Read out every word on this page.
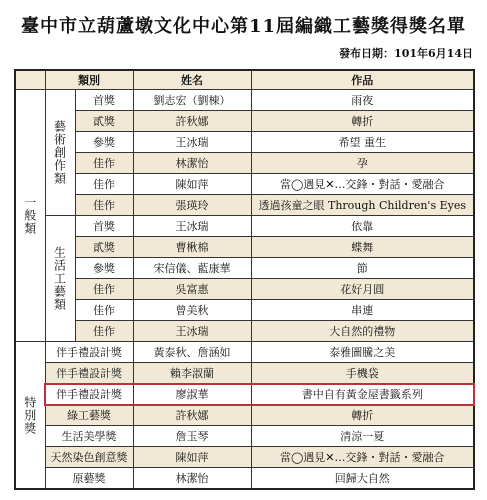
臺中市立葫蘆墩文化中心第11屆編織工藝獎得獎名單
發布日期：101年6月14日
	類別		姓名	作品
一般類	藝術創作類	首獎	劉志宏（劉棟）	雨夜
		貳獎	許秋娜	轉折
		參獎	王冰瑞	希望 重生
		佳作	林潔怡	孕
		佳作	陳如萍	當◯遇見✕…交鋒・對話・愛融合
		佳作	張瑛玲	透過孩童之眼 Through Children's Eyes
	生活工藝類	首獎	王冰瑞	依靠
		貳獎	曹楸棉	蝶舞
		參獎	宋信儀、藍康華	節
		佳作	吳富惠	花好月圓
		佳作	曾美秋	串連
		佳作	王冰瑞	大自然的禮物
特別獎	伴手禮設計獎		黃泰秋、詹涵如	泰雅圖騰之美
	伴手禮設計獎		賴李淑蘭	手機袋
	伴手禮設計獎		廖淑華	書中自有黃金屋書籤系列
	綠工藝獎		許秋娜	轉折
	生活美學獎		詹玉琴	清涼一夏
	天然染色創意獎		陳如萍	當◯遇見✕…交鋒・對話・愛融合
	原藝獎		林潔怡	回歸大自然
